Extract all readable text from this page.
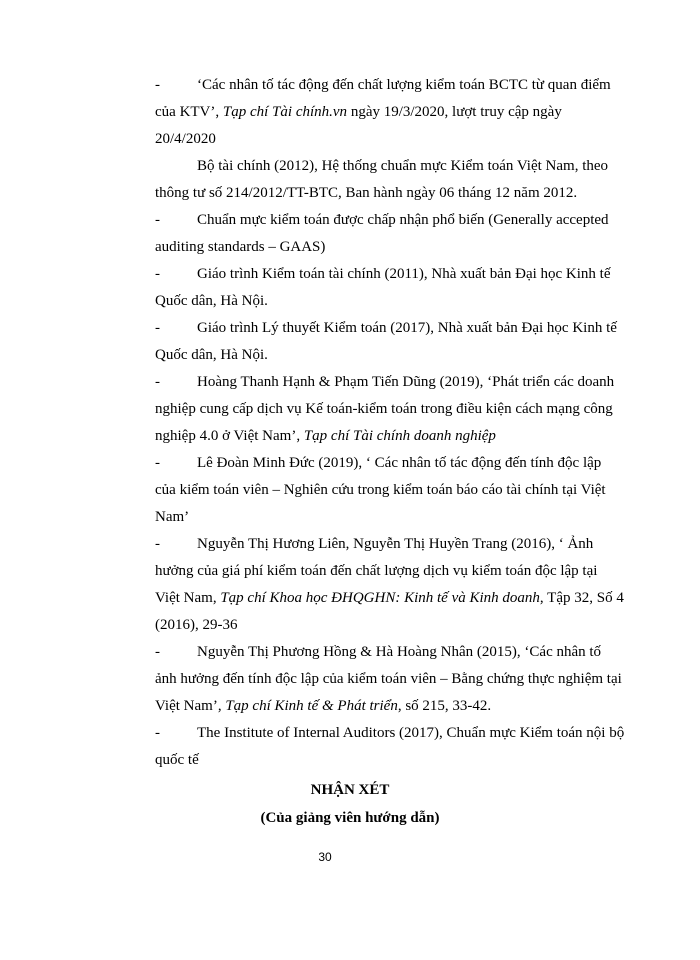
- ‘Các nhân tố tác động đến chất lượng kiểm toán BCTC từ quan điểm của KTV’, Tạp chí Tài chính.vn ngày 19/3/2020, lượt truy cập ngày 20/4/2020

Bộ tài chính (2012), Hệ thống chuẩn mực Kiểm toán Việt Nam, theo thông tư số 214/2012/TT-BTC, Ban hành ngày 06 tháng 12 năm 2012.

- Chuẩn mực kiểm toán được chấp nhận phổ biến (Generally accepted auditing standards – GAAS)

- Giáo trình Kiểm toán tài chính (2011), Nhà xuất bản Đại học Kinh tế Quốc dân, Hà Nội.

- Giáo trình Lý thuyết Kiểm toán (2017), Nhà xuất bản Đại học Kinh tế Quốc dân, Hà Nội.

- Hoàng Thanh Hạnh & Phạm Tiến Dũng (2019), ‘Phát triển các doanh nghiệp cung cấp dịch vụ Kế toán-kiểm toán trong điều kiện cách mạng công nghiệp 4.0 ở Việt Nam’, Tạp chí Tài chính doanh nghiệp

- Lê Đoàn Minh Đức (2019), ‘ Các nhân tố tác động đến tính độc lập của kiểm toán viên – Nghiên cứu trong kiểm toán báo cáo tài chính tại Việt Nam’

- Nguyễn Thị Hương Liên, Nguyễn Thị Huyền Trang (2016), ‘ Ảnh hưởng của giá phí kiểm toán đến chất lượng dịch vụ kiểm toán độc lập tại Việt Nam, Tạp chí Khoa học ĐHQGHN: Kinh tế và Kinh doanh, Tập 32, Số 4 (2016), 29-36

- Nguyễn Thị Phương Hồng & Hà Hoàng Nhân (2015), ‘Các nhân tố ảnh hưởng đến tính độc lập của kiểm toán viên – Bằng chứng thực nghiệm tại Việt Nam’, Tạp chí Kinh tế & Phát triển, số 215, 33-42.

- The Institute of Internal Auditors (2017), Chuẩn mực Kiểm toán nội bộ quốc tế

NHẬN XÉT
(Của giảng viên hướng dẫn)
30
